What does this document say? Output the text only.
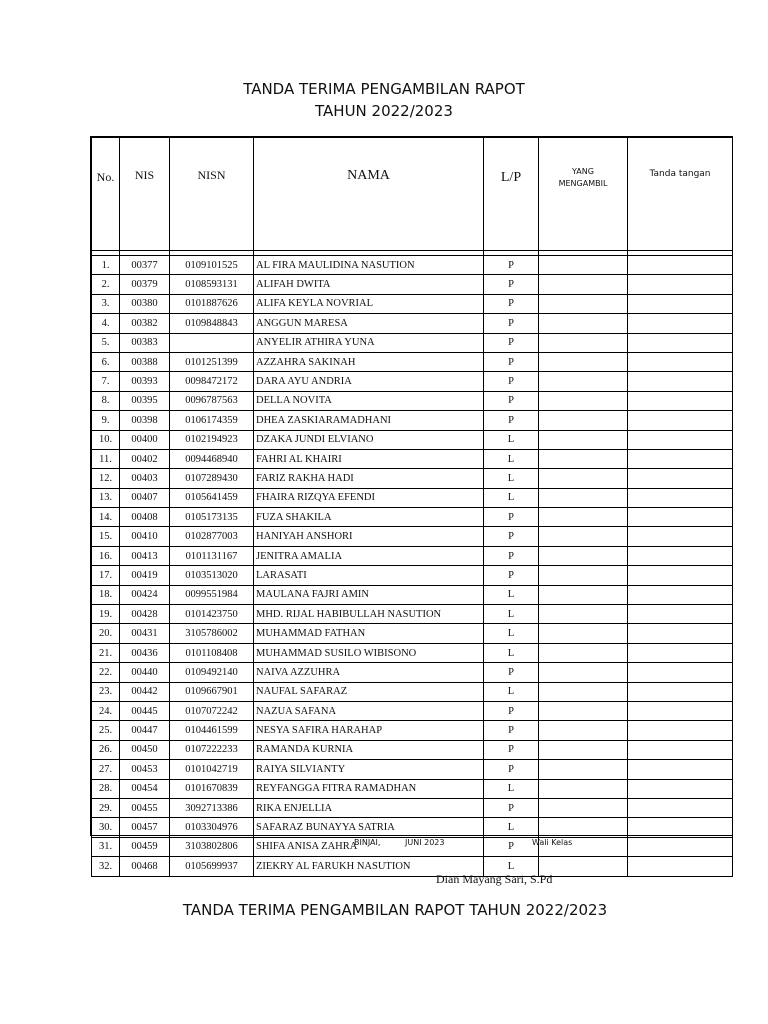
TANDA TERIMA PENGAMBILAN RAPOT
TAHUN 2022/2023
No.	NIS	NISN	NAMA	L/P	YANG
MENGAMBIL	Tanda tangan

1.	00377	0109101525	AL FIRA MAULIDINA NASUTION	P		
2.	00379	0108593131	ALIFAH DWITA	P		
3.	00380	0101887626	ALIFA KEYLA NOVRIAL	P		
4.	00382	0109848843	ANGGUN MARESA	P		
5.	00383		ANYELIR ATHIRA YUNA	P		
6.	00388	0101251399	AZZAHRA SAKINAH	P		
7.	00393	0098472172	DARA AYU ANDRIA	P		
8.	00395	0096787563	DELLA NOVITA	P		
9.	00398	0106174359	DHEA ZASKIARAMADHANI	P		
10.	00400	0102194923	DZAKA JUNDI ELVIANO	L		
11.	00402	0094468940	FAHRI AL KHAIRI	L		
12.	00403	0107289430	FARIZ RAKHA HADI	L		
13.	00407	0105641459	FHAIRA RIZQYA EFENDI	L		
14.	00408	0105173135	FUZA SHAKILA	P		
15.	00410	0102877003	HANIYAH ANSHORI	P		
16.	00413	0101131167	JENITRA AMALIA	P		
17.	00419	0103513020	LARASATI	P		
18.	00424	0099551984	MAULANA FAJRI AMIN	L		
19.	00428	0101423750	MHD. RIJAL HABIBULLAH NASUTION	L		
20.	00431	3105786002	MUHAMMAD FATHAN	L		
21.	00436	0101108408	MUHAMMAD SUSILO WIBISONO	L		
22.	00440	0109492140	NAIVA AZZUHRA	P		
23.	00442	0109667901	NAUFAL SAFARAZ	L		
24.	00445	0107072242	NAZUA SAFANA	P		
25.	00447	0104461599	NESYA SAFIRA HARAHAP	P		
26.	00450	0107222233	RAMANDA KURNIA	P		
27.	00453	0101042719	RAIYA SILVIANTY	P		
28.	00454	0101670839	REYFANGGA FITRA RAMADHAN	L		
29.	00455	3092713386	RIKA ENJELLIA	P		
30.	00457	0103304976	SAFARAZ BUNAYYA SATRIA	L		
31.	00459	3103802806	SHIFA ANISA ZAHRA	P		
32.	00468	0105699937	ZIEKRY AL FARUKH NASUTION	L		
BINJAI,	JUNI 2023	Wali Kelas
Dian Mayang Sari, S.Pd
TANDA TERIMA PENGAMBILAN RAPOT TAHUN 2022/2023
